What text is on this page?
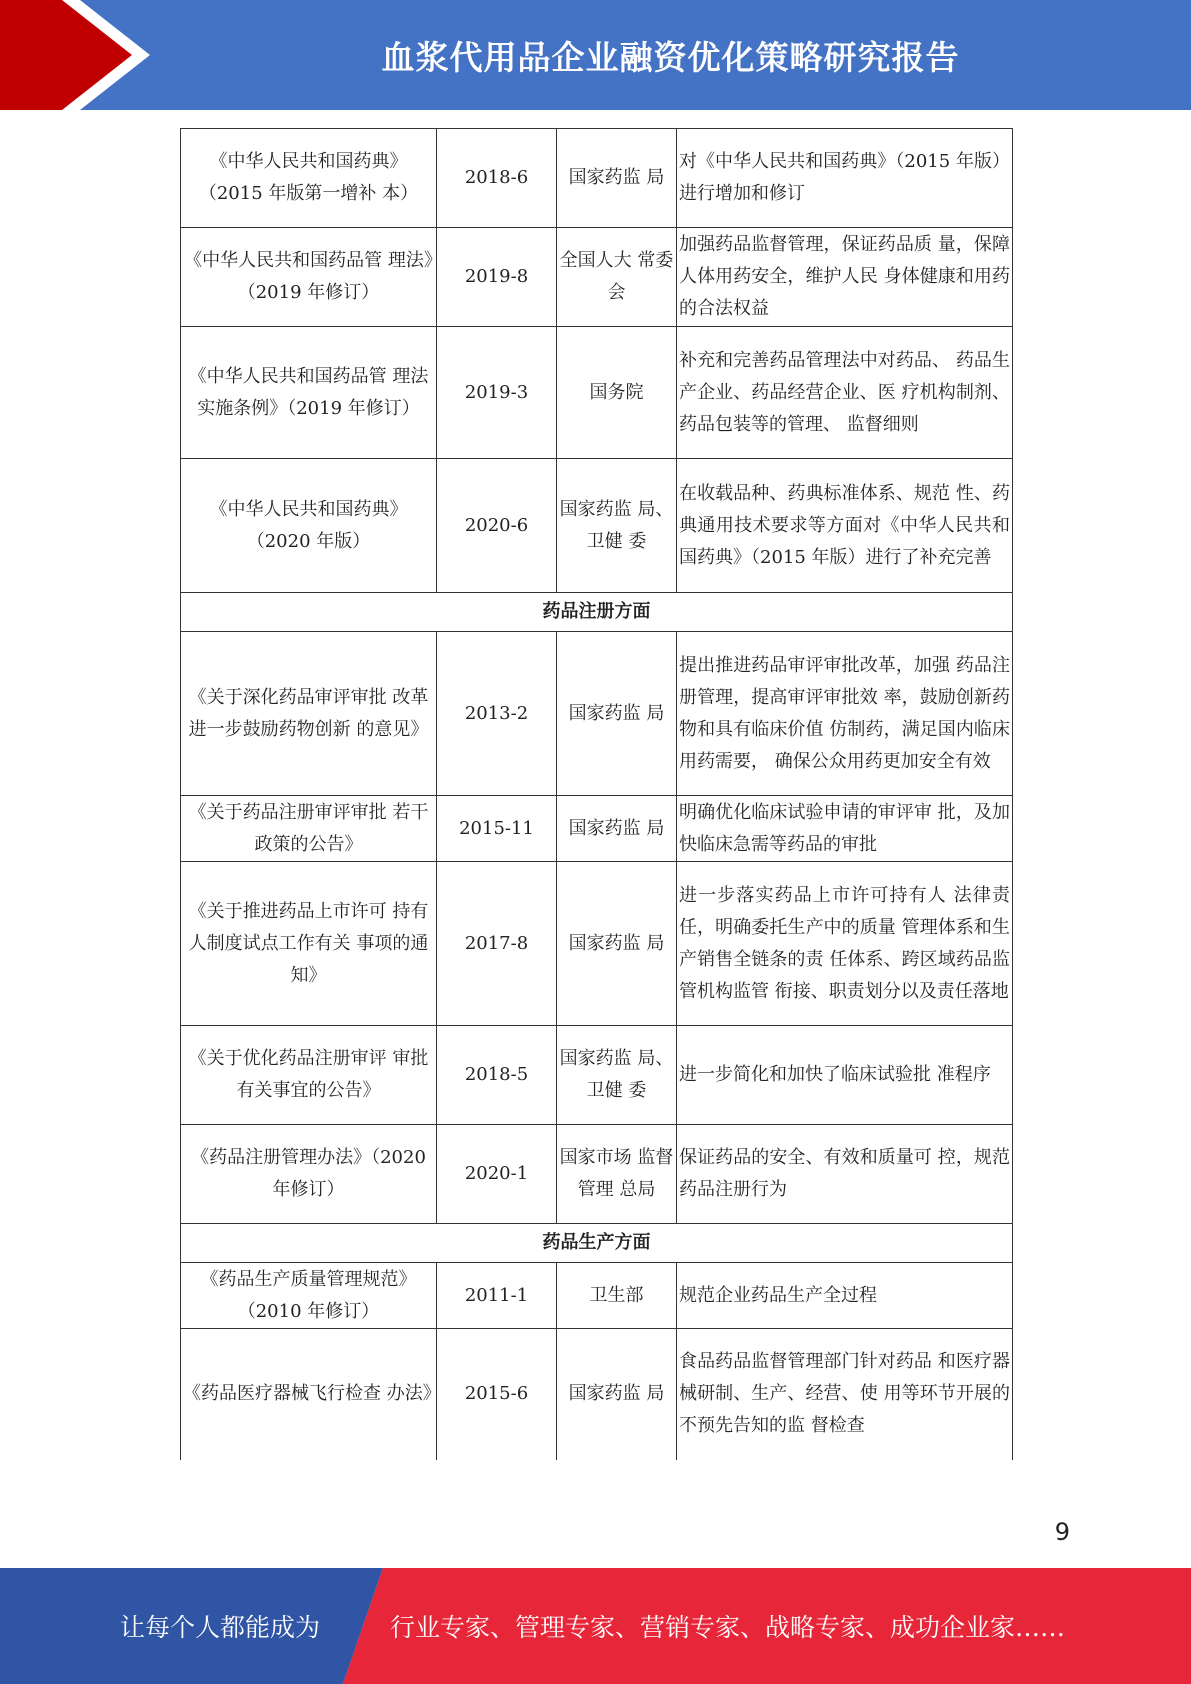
血浆代用品企业融资优化策略研究报告
《中华人民共和国药典》（2015 年版第一增补 本）	2018-6	国家药监 局	对《中华人民共和国药典》（2015 年版）进行增加和修订
《中华人民共和国药品管 理法》（2019 年修订）	2019-8	全国人大 常委会	加强药品监督管理，保证药品质 量，保障人体用药安全，维护人民 身体健康和用药的合法权益
《中华人民共和国药品管 理法实施条例》（2019 年修订）	2019-3	国务院	补充和完善药品管理法中对药品、 药品生产企业、药品经营企业、医 疗机构制剂、药品包装等的管理、 监督细则
《中华人民共和国药典》（2020 年版）	2020-6	国家药监 局、卫健 委	在收载品种、药典标准体系、规范 性、药典通用技术要求等方面对《中华人民共和国药典》（2015 年版）进行了补充完善
药品注册方面			
《关于深化药品审评审批 改革进一步鼓励药物创新 的意见》	2013-2	国家药监 局	提出推进药品审评审批改革，加强 药品注册管理，提高审评审批效 率，鼓励创新药物和具有临床价值 仿制药，满足国内临床用药需要， 确保公众用药更加安全有效
《关于药品注册审评审批 若干政策的公告》	2015-11	国家药监 局	明确优化临床试验申请的审评审 批，及加快临床急需等药品的审批
《关于推进药品上市许可 持有人制度试点工作有关 事项的通知》	2017-8	国家药监 局	进一步落实药品上市许可持有人 法律责任，明确委托生产中的质量 管理体系和生产销售全链条的责 任体系、跨区域药品监管机构监管 衔接、职责划分以及责任落地
《关于优化药品注册审评 审批有关事宜的公告》	2018-5	国家药监 局、卫健 委	进一步简化和加快了临床试验批 准程序
《药品注册管理办法》（2020 年修订）	2020-1	国家市场 监督管理 总局	保证药品的安全、有效和质量可 控，规范药品注册行为
药品生产方面			
《药品生产质量管理规范》（2010 年修订）	2011-1	卫生部	规范企业药品生产全过程
《药品医疗器械飞行检查 办法》	2015-6	国家药监 局	食品药品监督管理部门针对药品 和医疗器械研制、生产、经营、使 用等环节开展的不预先告知的监 督检查
9
让每个人都能成为	行业专家、管理专家、营销专家、战略专家、成功企业家……
